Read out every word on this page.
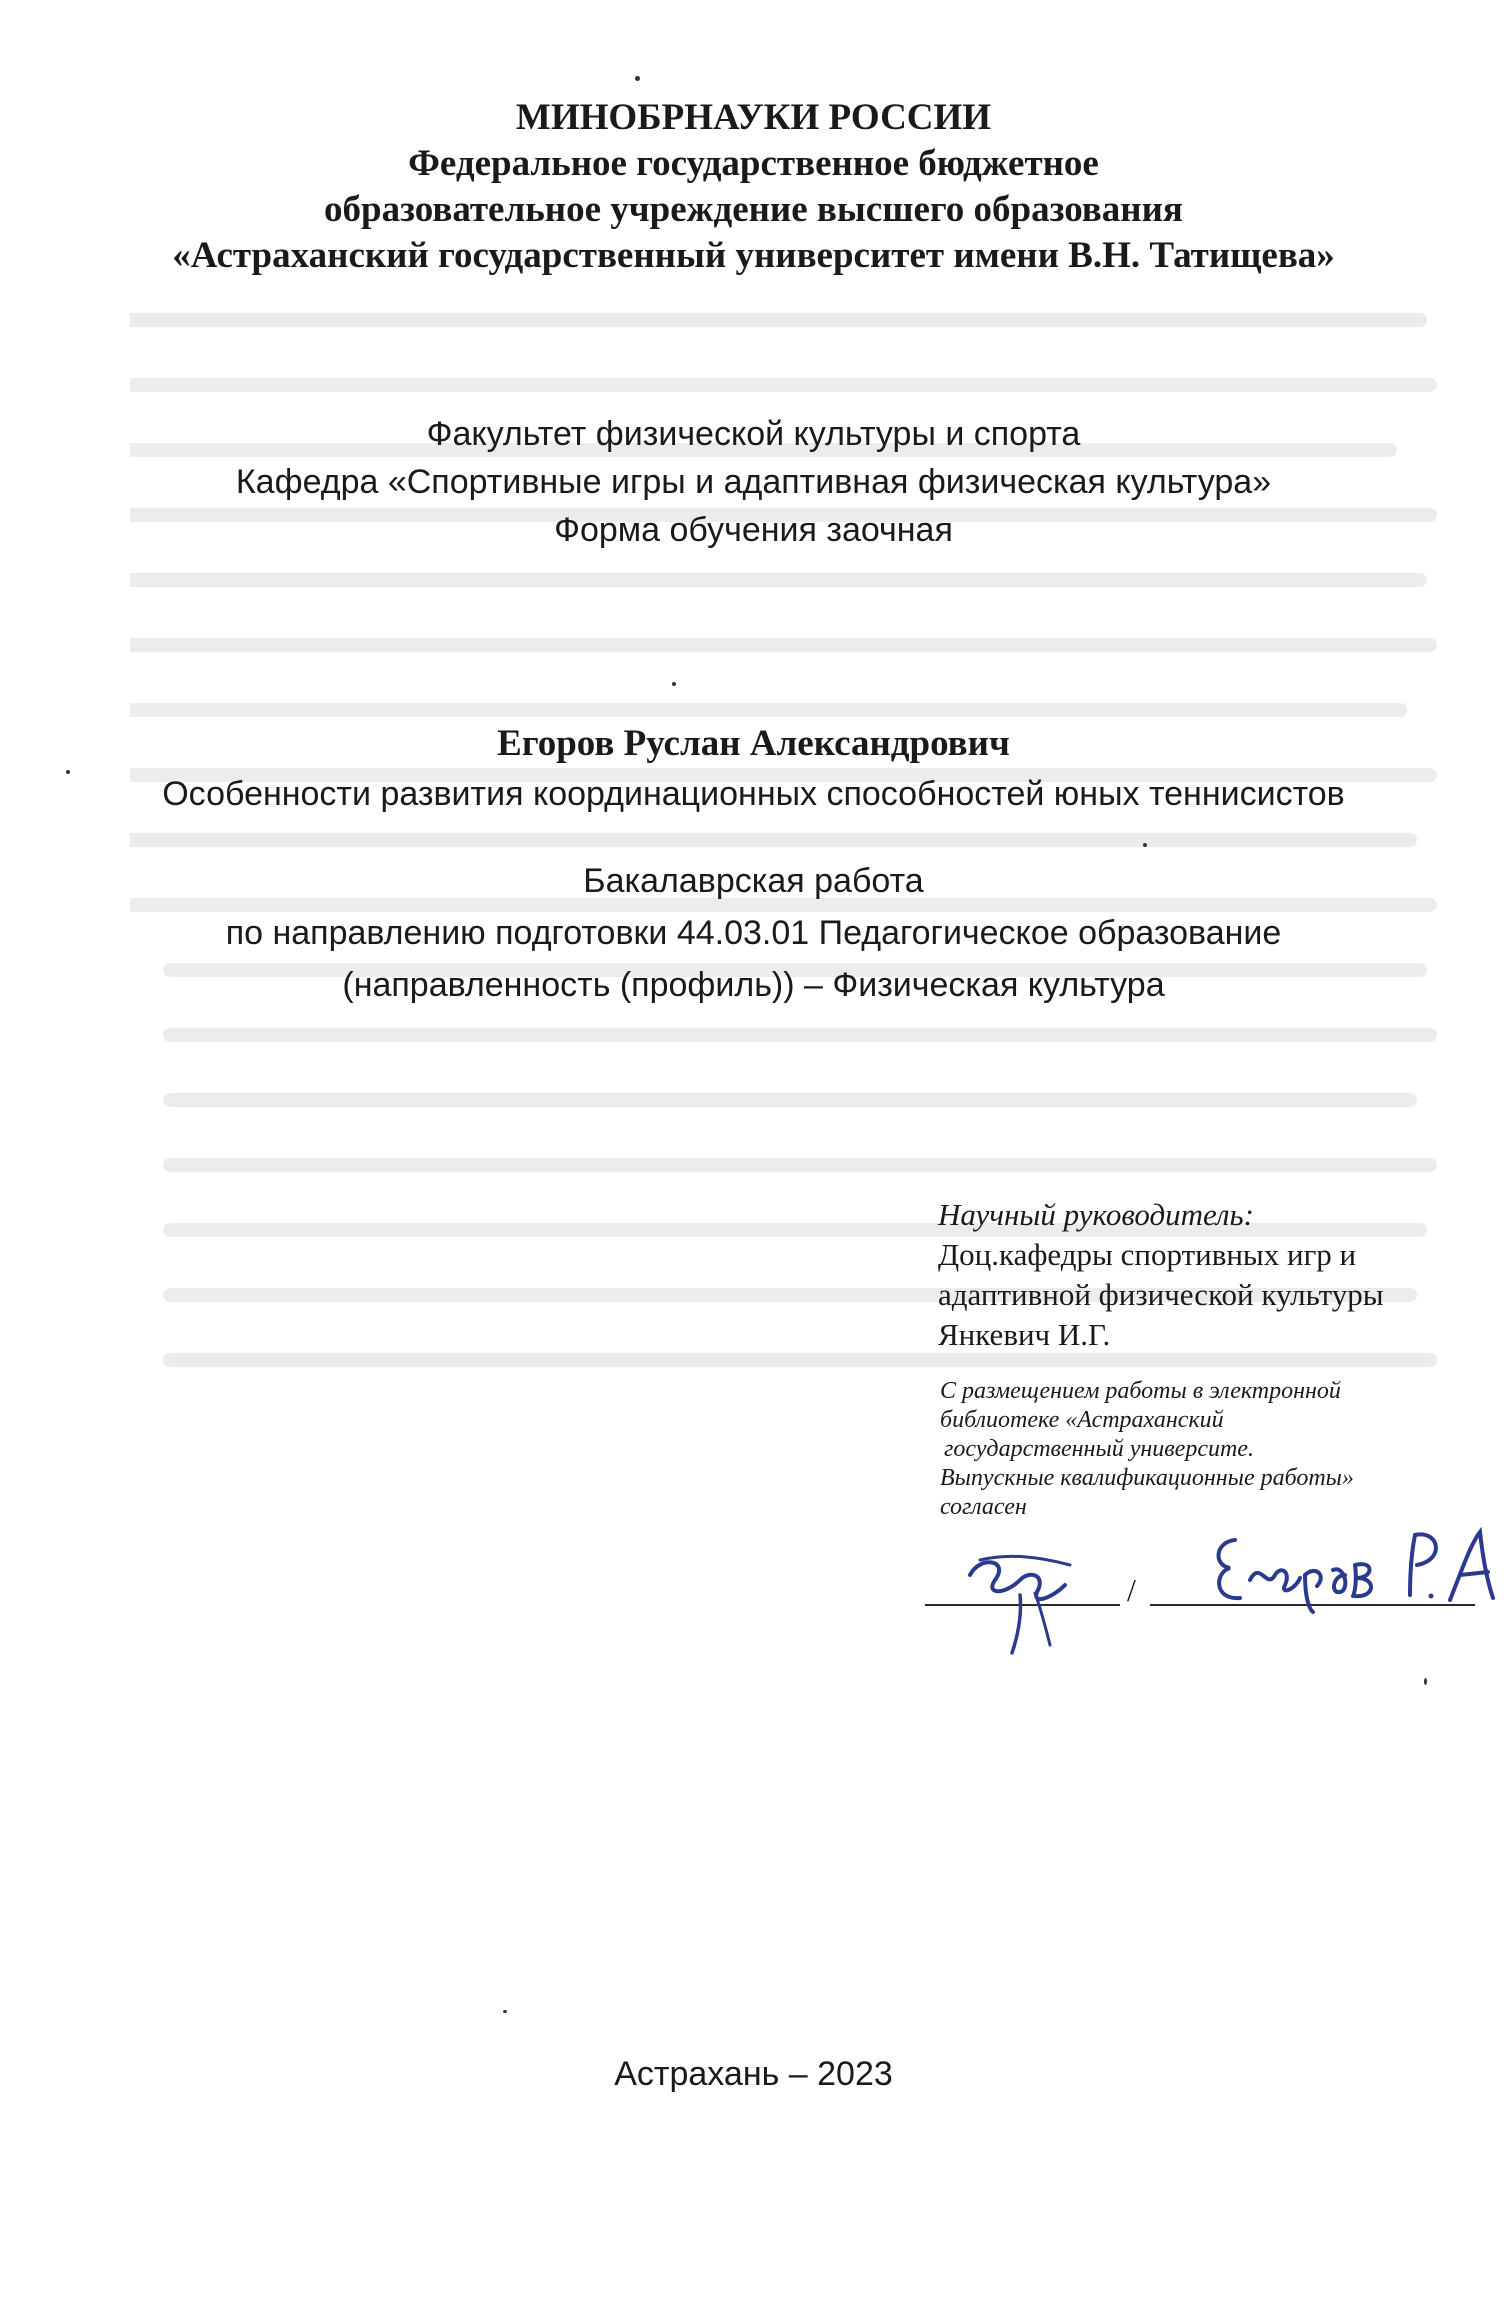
МИНОБРНАУКИ РОССИИ
Федеральное государственное бюджетное
образовательное учреждение высшего образования
«Астраханский государственный университет имени В.Н. Татищева»
Факультет физической культуры и спорта
Кафедра «Спортивные игры и адаптивная физическая культура»
Форма обучения заочная
Егоров Руслан Александрович
Особенности развития координационных способностей юных теннисистов
Бакалаврская работа
по направлению подготовки 44.03.01 Педагогическое образование
(направленность (профиль)) – Физическая культура
Научный руководитель:
Доц.кафедры спортивных игр и
адаптивной физической культуры
Янкевич И.Г.
С размещением работы в электронной
библиотеке «Астраханский
государственный университе.
Выпускные квалификационные работы»
согласен
/
Астрахань – 2023
